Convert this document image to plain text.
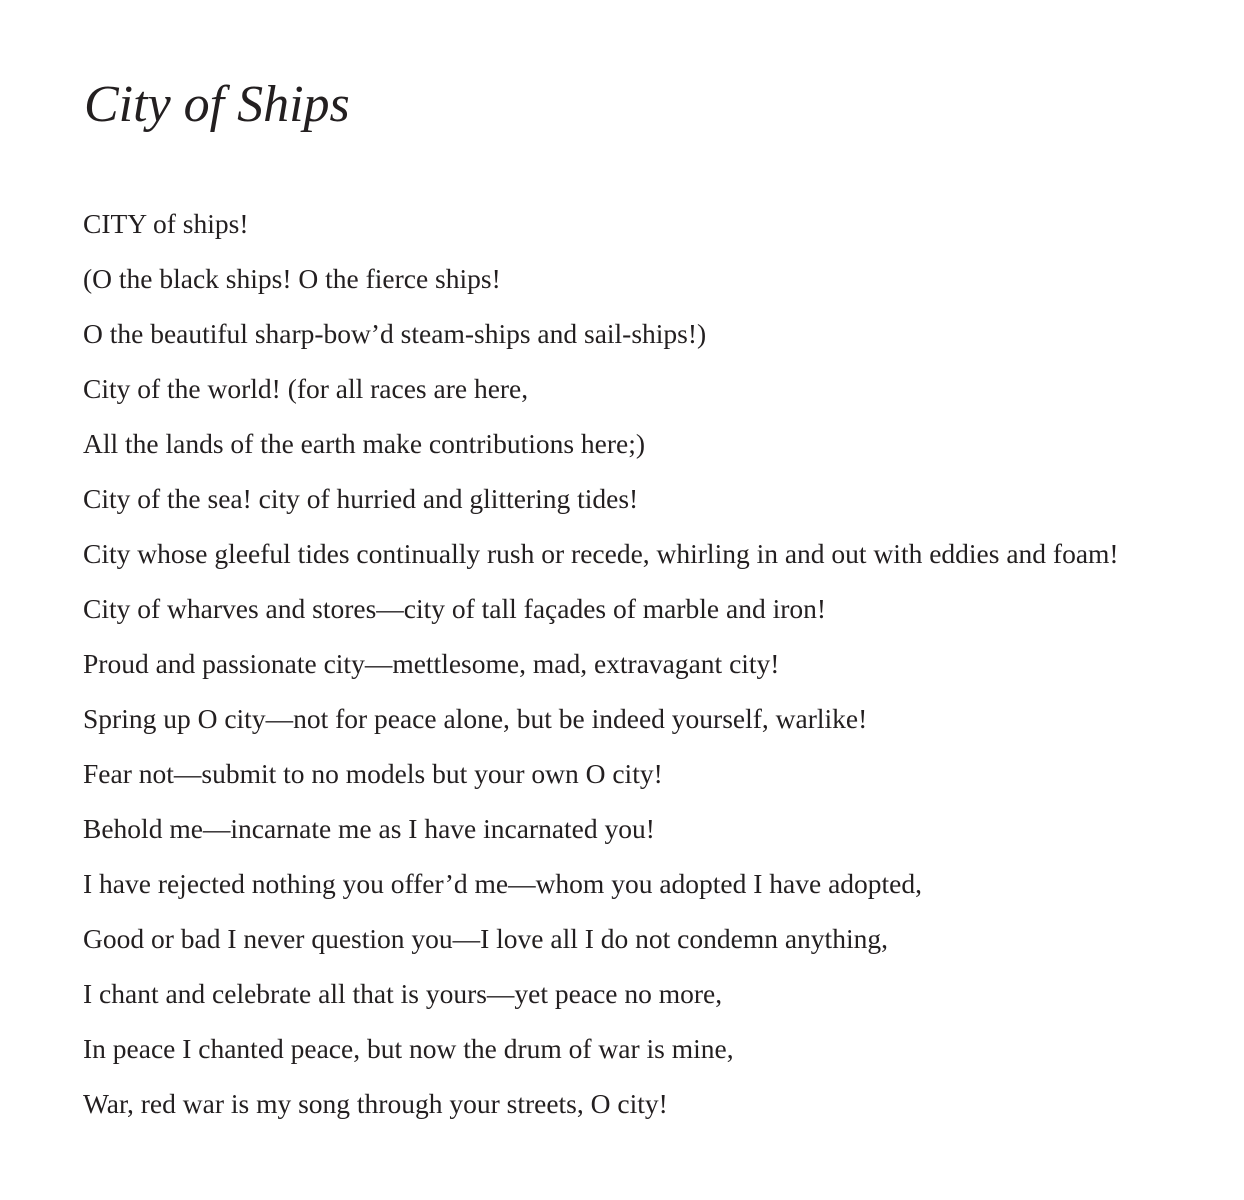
City of Ships
CITY of ships!
(O the black ships! O the fierce ships!
O the beautiful sharp-bow’d steam-ships and sail-ships!)
City of the world! (for all races are here,
All the lands of the earth make contributions here;)
City of the sea! city of hurried and glittering tides!
City whose gleeful tides continually rush or recede, whirling in and out with eddies and foam!
City of wharves and stores—city of tall façades of marble and iron!
Proud and passionate city—mettlesome, mad, extravagant city!
Spring up O city—not for peace alone, but be indeed yourself, warlike!
Fear not—submit to no models but your own O city!
Behold me—incarnate me as I have incarnated you!
I have rejected nothing you offer’d me—whom you adopted I have adopted,
Good or bad I never question you—I love all I do not condemn anything,
I chant and celebrate all that is yours—yet peace no more,
In peace I chanted peace, but now the drum of war is mine,
War, red war is my song through your streets, O city!
